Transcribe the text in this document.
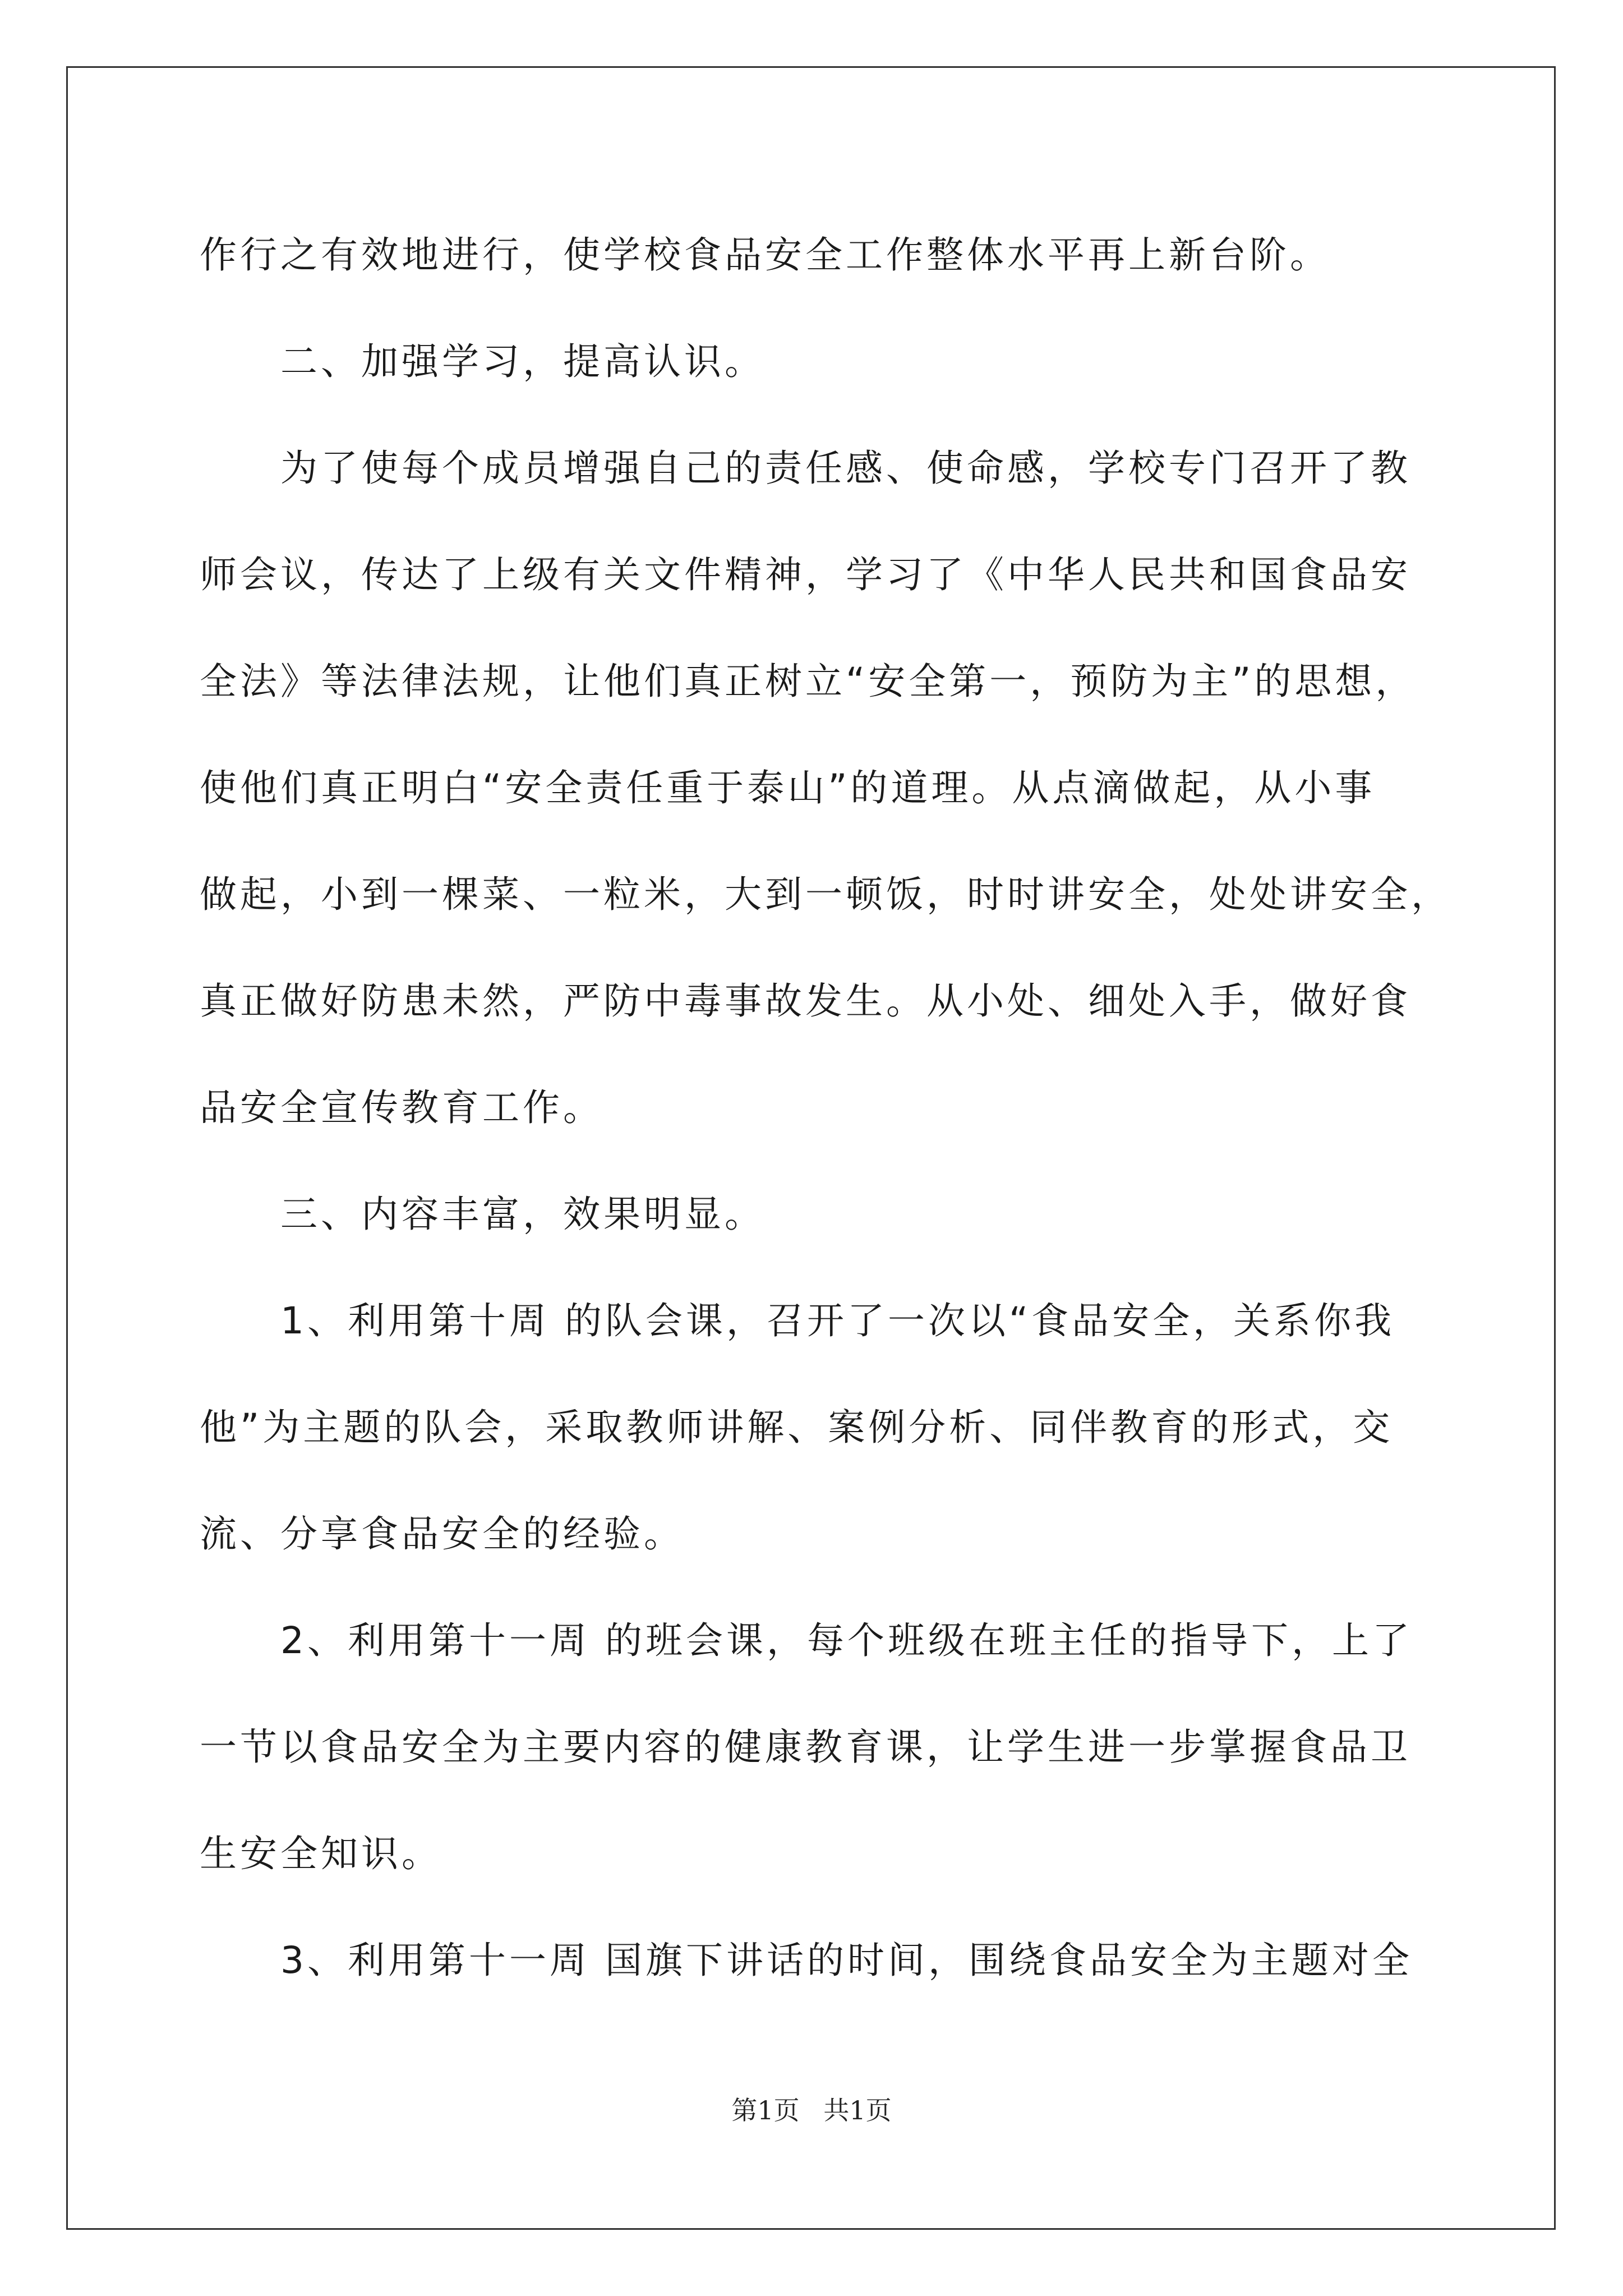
作行之有效地进行，使学校食品安全工作整体水平再上新台阶。
　　二、加强学习，提高认识。
　　为了使每个成员增强自己的责任感、使命感，学校专门召开了教
师会议，传达了上级有关文件精神，学习了《中华人民共和国食品安
全法》等法律法规，让他们真正树立“安全第一，预防为主”的思想，
使他们真正明白“安全责任重于泰山”的道理。从点滴做起，从小事
做起，小到一棵菜、一粒米，大到一顿饭，时时讲安全，处处讲安全，
真正做好防患未然，严防中毒事故发生。从小处、细处入手，做好食
品安全宣传教育工作。
　　三、内容丰富，效果明显。
　　1、利用第十周 的队会课，召开了一次以“食品安全，关系你我
他”为主题的队会，采取教师讲解、案例分析、同伴教育的形式，交
流、分享食品安全的经验。
　　2、利用第十一周 的班会课，每个班级在班主任的指导下，上了
一节以食品安全为主要内容的健康教育课，让学生进一步掌握食品卫
生安全知识。
　　3、利用第十一周 国旗下讲话的时间，围绕食品安全为主题对全
第1页 共1页
